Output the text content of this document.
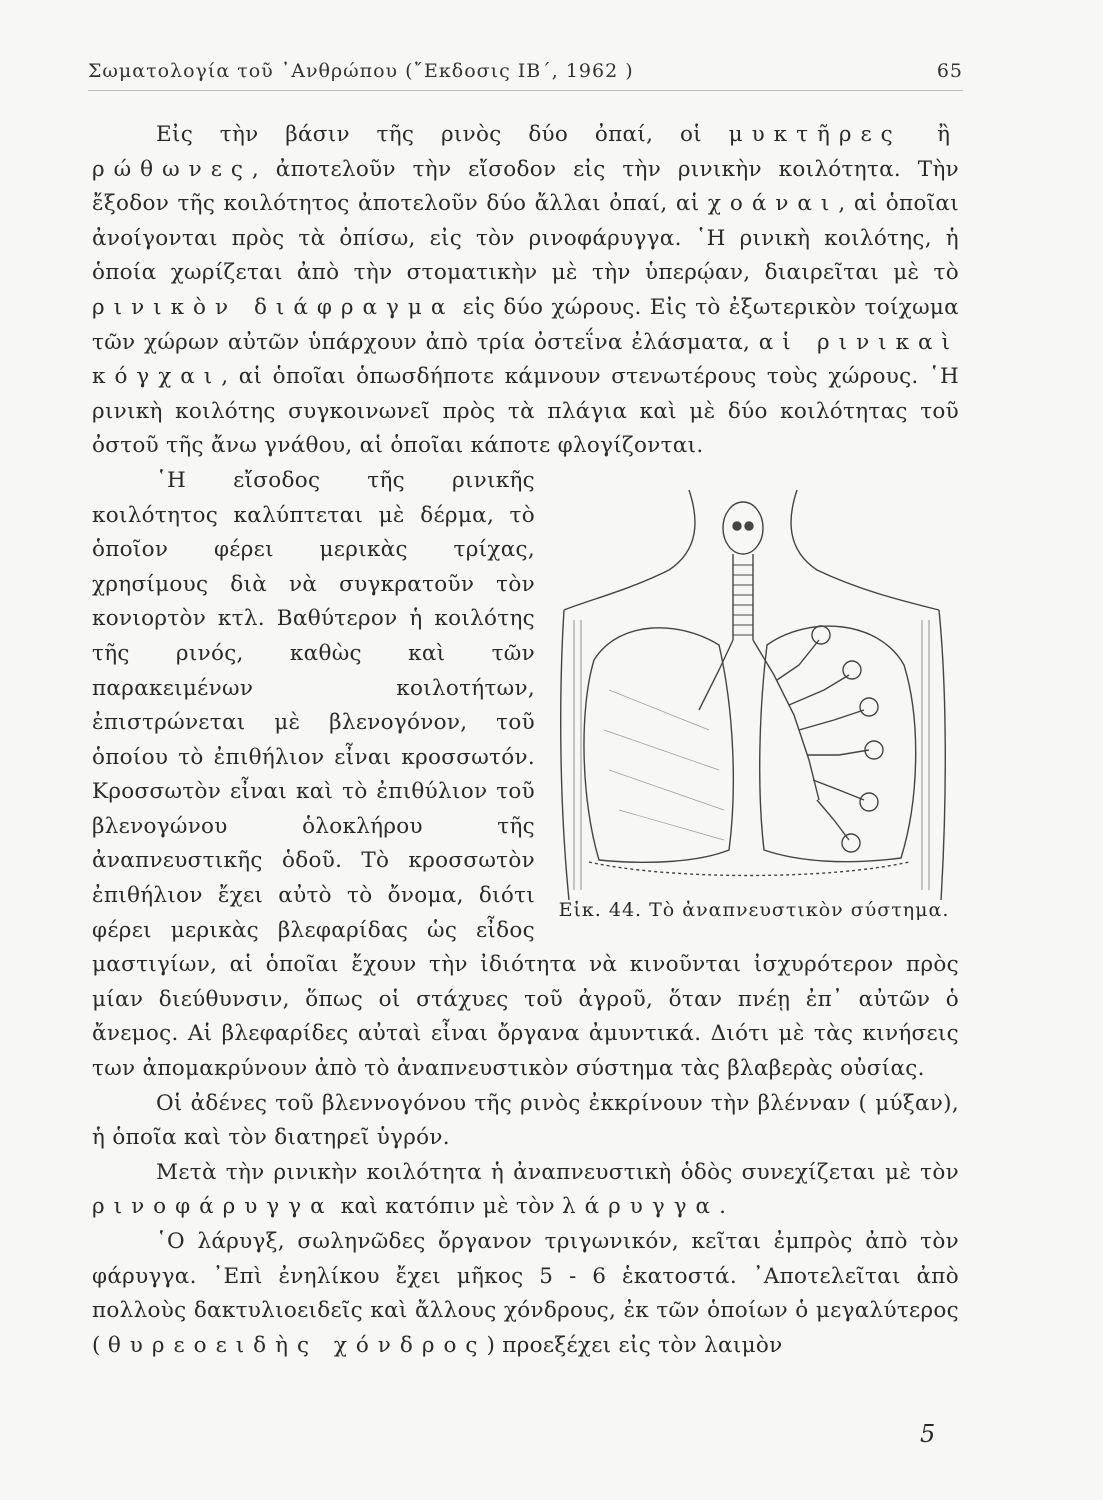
Σωματολογία τοῦ ᾿Ανθρώπου (῎Εκδοσις ΙΒ΄, 1962 )	65

Εἰς τὴν βάσιν τῆς ρινὸς δύο ὀπαί, οἱ μυκτῆρες ἢ ρώθωνες, ἀποτελοῦν τὴν εἴσοδον εἰς τὴν ρινικὴν κοιλότητα. Τὴν ἔξοδον τῆς κοιλότητος ἀποτελοῦν δύο ἄλλαι ὀπαί, αἱ χοάναι, αἱ ὁποῖαι ἀνοίγονται πρὸς τὰ ὀπίσω, εἰς τὸν ρινοφάρυγγα. ῾Η ρινικὴ κοιλότης, ἡ ὁποία χωρίζεται ἀπὸ τὴν στοματικὴν μὲ τὴν ὑπερῴαν, διαιρεῖται μὲ τὸ ρινικὸν διάφραγμα εἰς δύο χώρους. Εἰς τὸ ἐξωτερικὸν τοίχωμα τῶν χώρων αὐτῶν ὑπάρχουν ἀπὸ τρία ὀστεΐνα ἐλάσματα, αἱ ρινικαὶ κόγχαι, αἱ ὁποῖαι ὁπωσδήποτε κάμνουν στενωτέρους τοὺς χώρους. ῾Η ρινικὴ κοιλότης συγκοινωνεῖ πρὸς τὰ πλάγια καὶ μὲ δύο κοιλότητας τοῦ ὀστοῦ τῆς ἄνω γνάθου, αἱ ὁποῖαι κάποτε φλογίζονται.

Εἰκ. 44. Τὸ ἀναπνευστικὸν σύστημα.

῾Η εἴσοδος τῆς ρινικῆς κοιλότητος καλύπτεται μὲ δέρμα, τὸ ὁποῖον φέρει μερικὰς τρίχας, χρησίμους διὰ νὰ συγκρατοῦν τὸν κονιορτὸν κτλ. Βαθύτερον ἡ κοιλότης τῆς ρινός, καθὼς καὶ τῶν παρακειμένων κοιλοτήτων, ἐπιστρώνεται μὲ βλενογόνον, τοῦ ὁποίου τὸ ἐπιθήλιον εἶναι κροσσωτόν. Κροσσωτὸν εἶναι καὶ τὸ ἐπιθύλιον τοῦ βλενογώνου ὁλοκλήρου τῆς ἀναπνευστικῆς ὁδοῦ. Τὸ κροσσωτὸν ἐπιθήλιον ἔχει αὐτὸ τὸ ὄνομα, διότι φέρει μερικὰς βλεφαρίδας ὡς εἶδος μαστιγίων, αἱ ὁποῖαι ἔχουν τὴν ἰδιότητα νὰ κινοῦνται ἰσχυρότερον πρὸς μίαν διεύθυνσιν, ὅπως οἱ στάχυες τοῦ ἀγροῦ, ὅταν πνέῃ ἐπ᾿ αὐτῶν ὁ ἄνεμος. Αἱ βλεφαρίδες αὐταὶ εἶναι ὄργανα ἀμυντικά. Διότι μὲ τὰς κινήσεις των ἀπομακρύνουν ἀπὸ τὸ ἀναπνευστικὸν σύστημα τὰς βλαβερὰς οὐσίας.

Οἱ ἀδένες τοῦ βλεννογόνου τῆς ρινὸς ἐκκρίνουν τὴν βλένναν ( μύξαν), ἡ ὁποῖα καὶ τὸν διατηρεῖ ὑγρόν.

Μετὰ τὴν ρινικὴν κοιλότητα ἡ ἀναπνευστικὴ ὁδὸς συνεχίζεται μὲ τὸν ρινοφάρυγγα καὶ κατόπιν μὲ τὸν λάρυγγα.

῾Ο λάρυγξ, σωληνῶδες ὄργανον τριγωνικόν, κεῖται ἐμπρὸς ἀπὸ τὸν φάρυγγα. ᾿Επὶ ἐνηλίκου ἔχει μῆκος 5 - 6 ἑκατοστά. ᾿Αποτελεῖται ἀπὸ πολλοὺς δακτυλιοειδεῖς καὶ ἄλλους χόνδρους, ἐκ τῶν ὁποίων ὁ μεγαλύτερος ( θυρεοειδὴς χόνδρος) προεξέχει εἰς τὸν λαιμὸν

5
